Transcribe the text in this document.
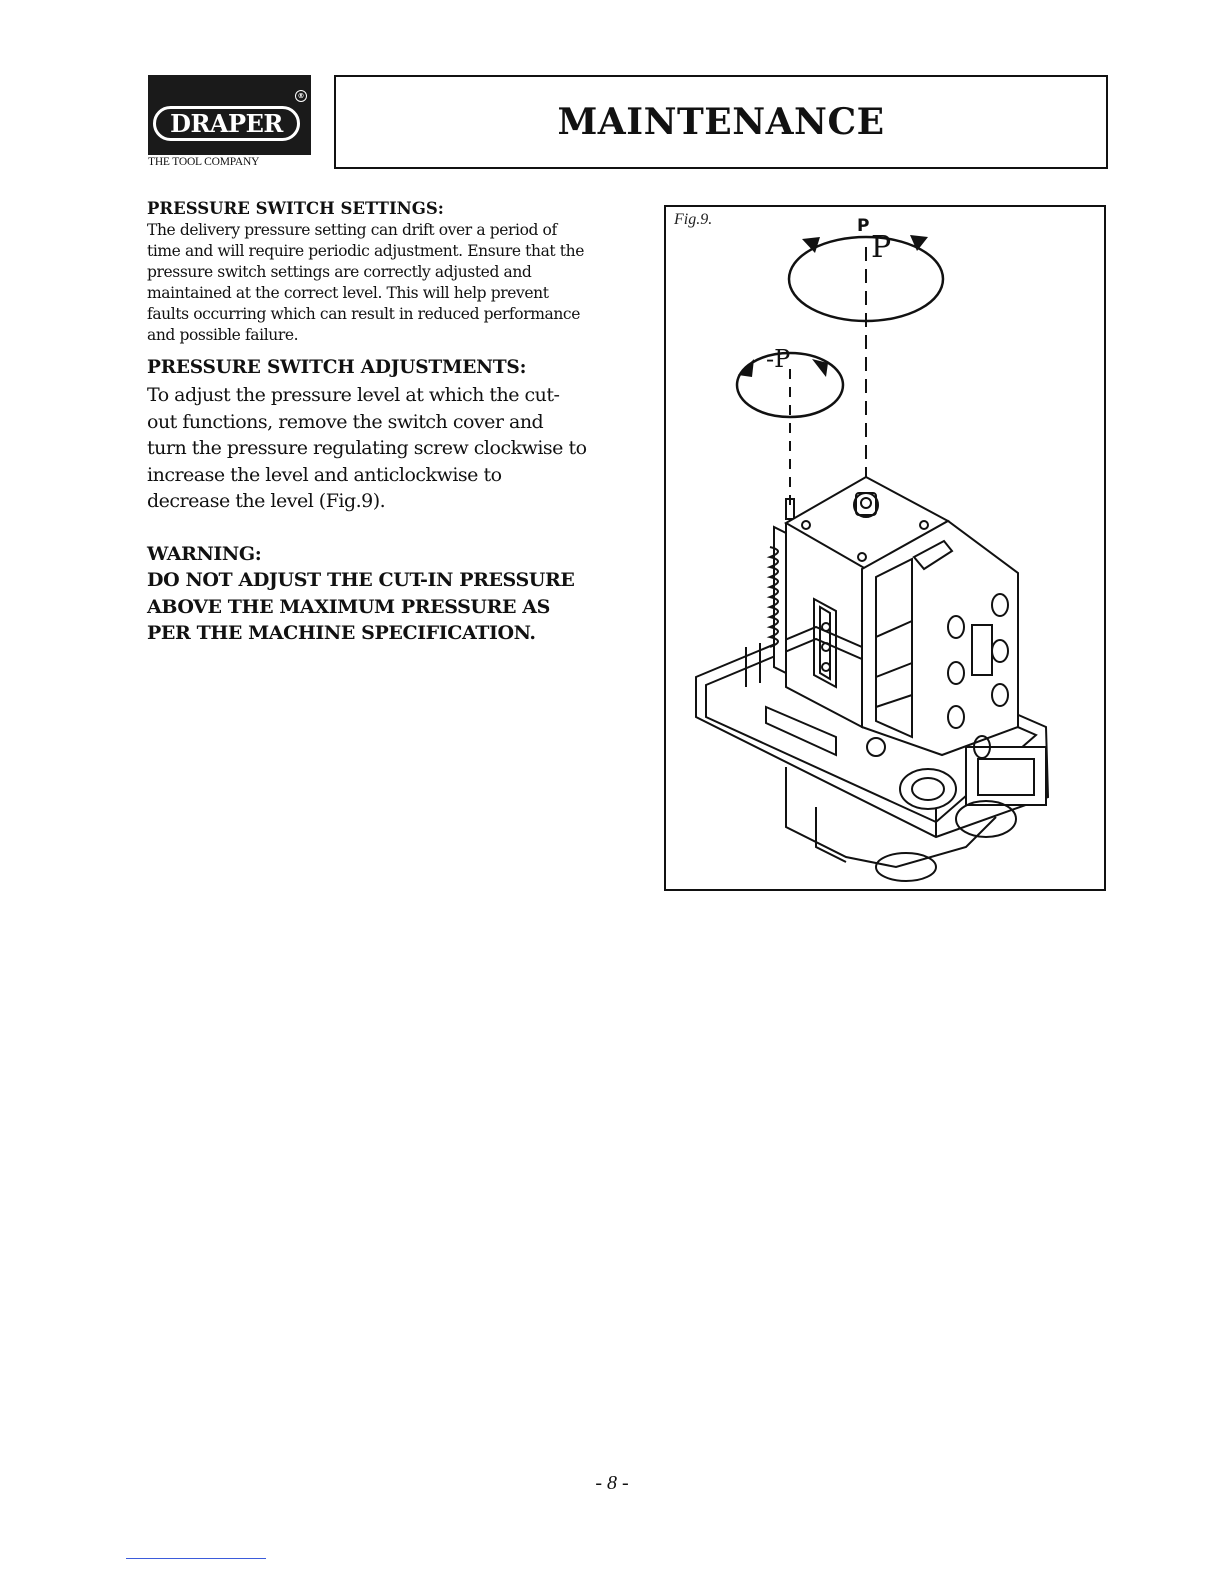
®
DRAPER
THE TOOL COMPANY
MAINTENANCE

PRESSURE SWITCH SETTINGS:

The delivery pressure setting can drift over a period of time and will require periodic adjustment. Ensure that the pressure switch settings are correctly adjusted and maintained at the correct level. This will help prevent faults occurring which can result in reduced performance and possible failure.

PRESSURE SWITCH ADJUSTMENTS:

To adjust the pressure level at which the cut-out functions, remove the switch cover and turn the pressure regulating screw clockwise to increase the level and anticlockwise to decrease the level (Fig.9).

WARNING:

DO NOT ADJUST THE CUT-IN PRESSURE ABOVE THE MAXIMUM PRESSURE AS PER THE MACHINE SPECIFICATION.

Fig.9.	P
P
-P
- 8 -
